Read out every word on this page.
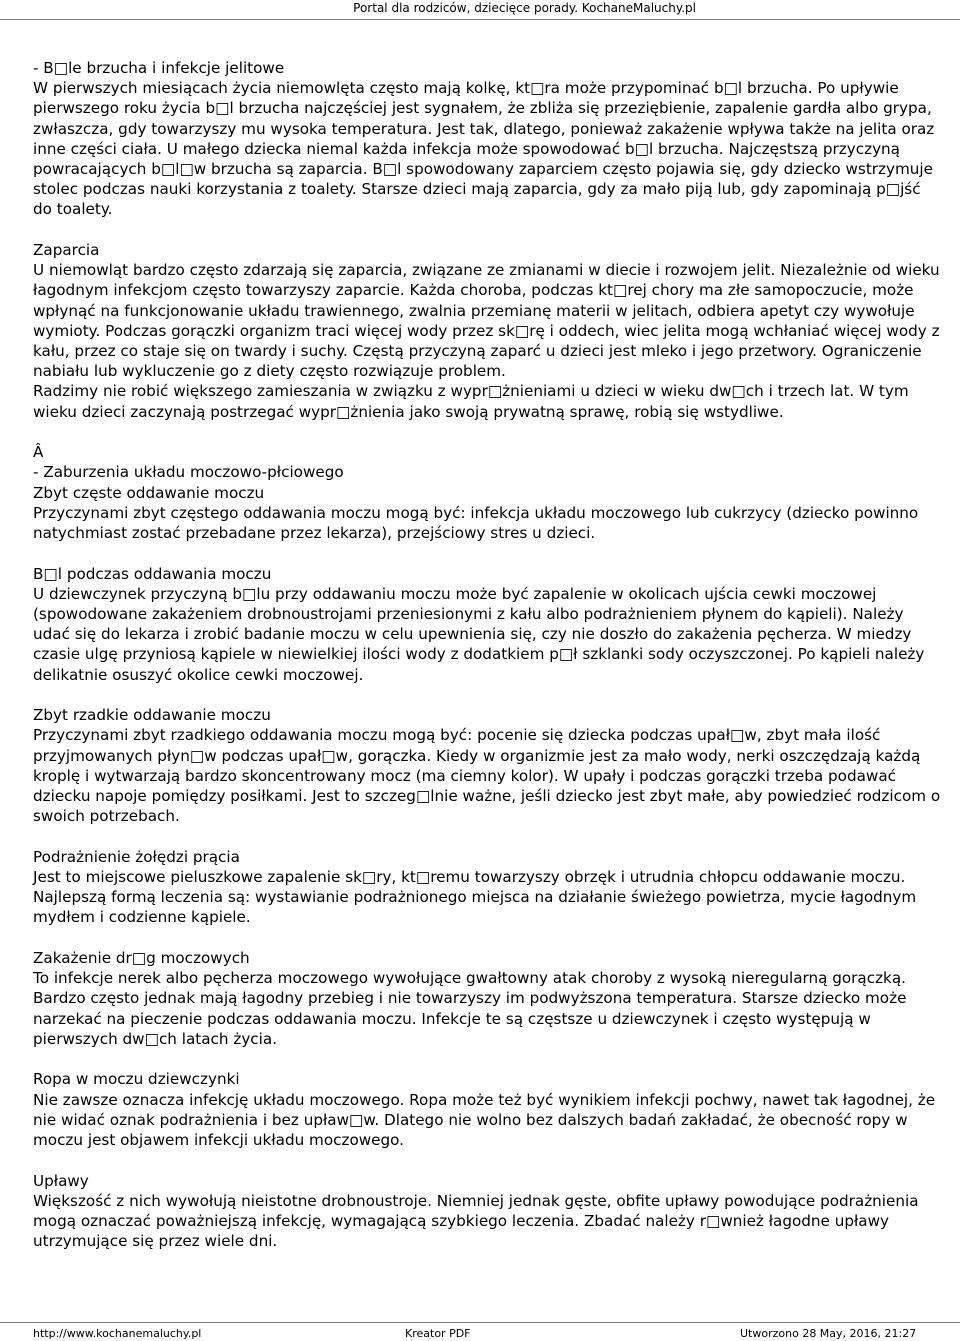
Portal dla rodziców, dziecięce porady. KochaneMaluchy.pl

- B□le brzucha i infekcje jelitowe

W pierwszych miesiącach życia niemowlęta często mają kolkę, kt□ra może przypominać b□l brzucha. Po upływie pierwszego roku życia b□l brzucha najczęściej jest sygnałem, że zbliża się przeziębienie, zapalenie gardła albo grypa, zwłaszcza, gdy towarzyszy mu wysoka temperatura. Jest tak, dlatego, ponieważ zakażenie wpływa także na jelita oraz inne części ciała. U małego dziecka niemal każda infekcja może spowodować b□l brzucha. Najczęstszą przyczyną powracających b□l□w brzucha są zaparcia. B□l spowodowany zaparciem często pojawia się, gdy dziecko wstrzymuje stolec podczas nauki korzystania z toalety. Starsze dzieci mają zaparcia, gdy za mało piją lub, gdy zapominają p□jść do toalety.

Zaparcia

U niemowląt bardzo często zdarzają się zaparcia, związane ze zmianami w diecie i rozwojem jelit. Niezależnie od wieku łagodnym infekcjom często towarzyszy zaparcie. Każda choroba, podczas kt□rej chory ma złe samopoczucie, może wpłynąć na funkcjonowanie układu trawiennego, zwalnia przemianę materii w jelitach, odbiera apetyt czy wywołuje wymioty. Podczas gorączki organizm traci więcej wody przez sk□rę i oddech, wiec jelita mogą wchłaniać więcej wody z kału, przez co staje się on twardy i suchy. Częstą przyczyną zaparć u dzieci jest mleko i jego przetwory. Ograniczenie nabiału lub wykluczenie go z diety często rozwiązuje problem.

Radzimy nie robić większego zamieszania w związku z wypr□żnieniami u dzieci w wieku dw□ch i trzech lat. W tym wieku dzieci zaczynają postrzegać wypr□żnienia jako swoją prywatną sprawę, robią się wstydliwe.

Â

- Zaburzenia układu moczowo-płciowego

Zbyt częste oddawanie moczu

Przyczynami zbyt częstego oddawania moczu mogą być: infekcja układu moczowego lub cukrzycy (dziecko powinno natychmiast zostać przebadane przez lekarza), przejściowy stres u dzieci.

B□l podczas oddawania moczu

U dziewczynek przyczyną b□lu przy oddawaniu moczu może być zapalenie w okolicach ujścia cewki moczowej (spowodowane zakażeniem drobnoustrojami przeniesionymi z kału albo podrażnieniem płynem do kąpieli). Należy udać się do lekarza i zrobić badanie moczu w celu upewnienia się, czy nie doszło do zakażenia pęcherza. W miedzy czasie ulgę przyniosą kąpiele w niewielkiej ilości wody z dodatkiem p□ł szklanki sody oczyszczonej. Po kąpieli należy delikatnie osuszyć okolice cewki moczowej.

Zbyt rzadkie oddawanie moczu

Przyczynami zbyt rzadkiego oddawania moczu mogą być: pocenie się dziecka podczas upał□w, zbyt mała ilość przyjmowanych płyn□w podczas upał□w, gorączka. Kiedy w organizmie jest za mało wody, nerki oszczędzają każdą kroplę i wytwarzają bardzo skoncentrowany mocz (ma ciemny kolor). W upały i podczas gorączki trzeba podawać dziecku napoje pomiędzy posiłkami. Jest to szczeg□lnie ważne, jeśli dziecko jest zbyt małe, aby powiedzieć rodzicom o swoich potrzebach.

Podrażnienie żołędzi prącia

Jest to miejscowe pieluszkowe zapalenie sk□ry, kt□remu towarzyszy obrzęk i utrudnia chłopcu oddawanie moczu. Najlepszą formą leczenia są: wystawianie podrażnionego miejsca na działanie świeżego powietrza, mycie łagodnym mydłem i codzienne kąpiele.

Zakażenie dr□g moczowych

To infekcje nerek albo pęcherza moczowego wywołujące gwałtowny atak choroby z wysoką nieregularną gorączką. Bardzo często jednak mają łagodny przebieg i nie towarzyszy im podwyższona temperatura. Starsze dziecko może narzekać na pieczenie podczas oddawania moczu. Infekcje te są częstsze u dziewczynek i często występują w pierwszych dw□ch latach życia.

Ropa w moczu dziewczynki

Nie zawsze oznacza infekcję układu moczowego. Ropa może też być wynikiem infekcji pochwy, nawet tak łagodnej, że nie widać oznak podrażnienia i bez upław□w. Dlatego nie wolno bez dalszych badań zakładać, że obecność ropy w moczu jest objawem infekcji układu moczowego.

Upławy

Większość z nich wywołują nieistotne drobnoustroje. Niemniej jednak gęste, obfite upławy powodujące podrażnienia mogą oznaczać poważniejszą infekcję, wymagającą szybkiego leczenia. Zbadać należy r□wnież łagodne upławy utrzymujące się przez wiele dni.

http://www.kochanemaluchy.pl	Kreator PDF	Utworzono 28 May, 2016, 21:27
